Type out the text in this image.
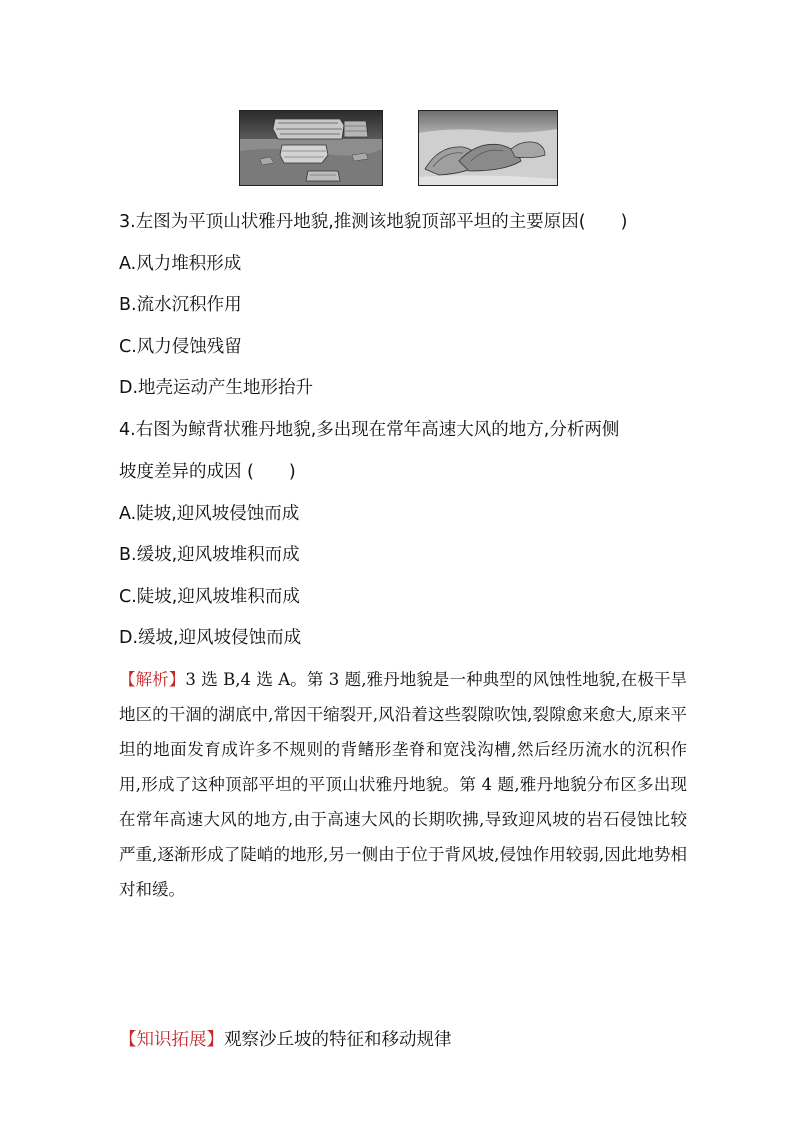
3.左图为平顶山状雅丹地貌,推测该地貌顶部平坦的主要原因(　　)
A.风力堆积形成
B.流水沉积作用
C.风力侵蚀残留
D.地壳运动产生地形抬升
4.右图为鲸背状雅丹地貌,多出现在常年高速大风的地方,分析两侧
坡度差异的成因 (　　)
A.陡坡,迎风坡侵蚀而成
B.缓坡,迎风坡堆积而成
C.陡坡,迎风坡堆积而成
D.缓坡,迎风坡侵蚀而成
【解析】3 选 B,4 选 A。第 3 题,雅丹地貌是一种典型的风蚀性地貌,在极干旱地区的干涸的湖底中,常因干缩裂开,风沿着这些裂隙吹蚀,裂隙愈来愈大,原来平坦的地面发育成许多不规则的背鳍形垄脊和宽浅沟槽,然后经历流水的沉积作用,形成了这种顶部平坦的平顶山状雅丹地貌。第 4 题,雅丹地貌分布区多出现在常年高速大风的地方,由于高速大风的长期吹拂,导致迎风坡的岩石侵蚀比较严重,逐渐形成了陡峭的地形,另一侧由于位于背风坡,侵蚀作用较弱,因此地势相对和缓。
【知识拓展】观察沙丘坡的特征和移动规律
